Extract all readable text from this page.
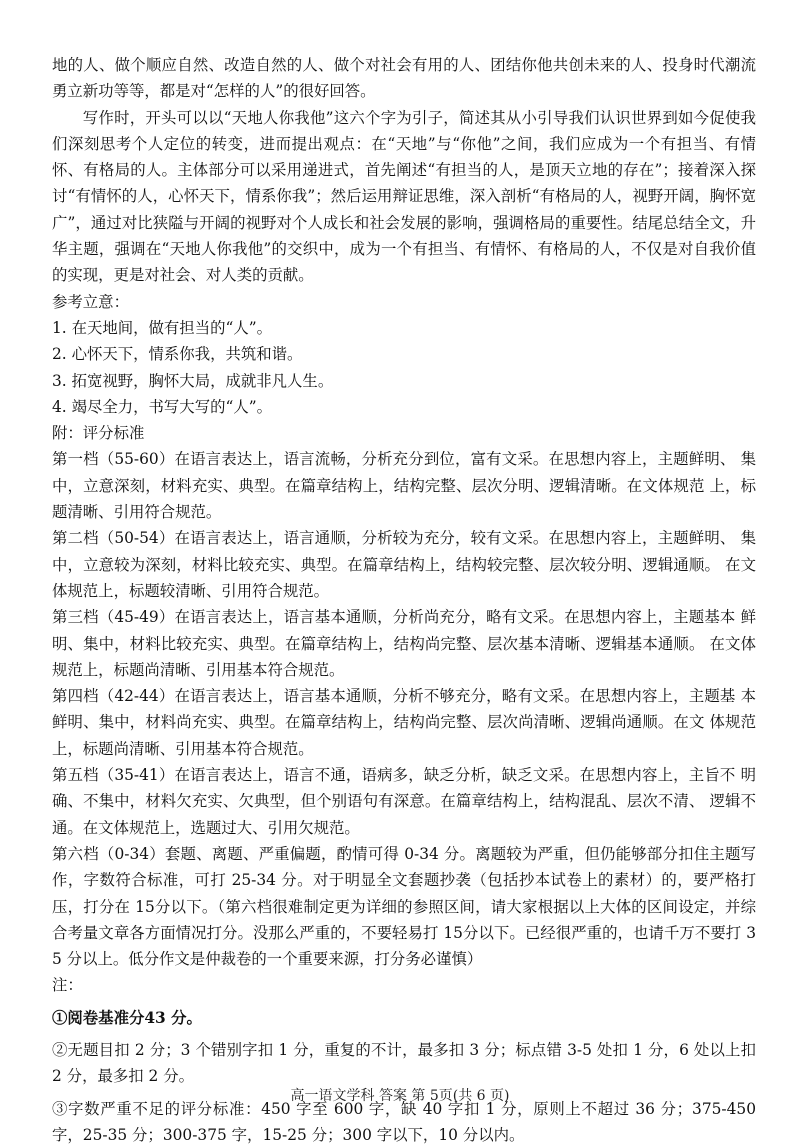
地的人、做个顺应自然、改造自然的人、做个对社会有用的人、团结你他共创未来的人、投身时代潮流勇立新功等等，都是对“怎样的人”的很好回答。

写作时，开头可以以“天地人你我他”这六个字为引子，简述其从小引导我们认识世界到如今促使我们深刻思考个人定位的转变，进而提出观点：在“天地”与“你他”之间，我们应成为一个有担当、有情怀、有格局的人。主体部分可以采用递进式，首先阐述“有担当的人，是顶天立地的存在”；接着深入探讨“有情怀的人，心怀天下，情系你我”；然后运用辩证思维，深入剖析“有格局的人，视野开阔，胸怀宽广”，通过对比狭隘与开阔的视野对个人成长和社会发展的影响，强调格局的重要性。结尾总结全文，升华主题，强调在“天地人你我他”的交织中，成为一个有担当、有情怀、有格局的人，不仅是对自我价值的实现，更是对社会、对人类的贡献。

参考立意：

1. 在天地间，做有担当的“人”。

2. 心怀天下，情系你我，共筑和谐。

3. 拓宽视野，胸怀大局，成就非凡人生。

4. 竭尽全力，书写大写的“人”。

附：评分标准

第一档（55-60）在语言表达上，语言流畅，分析充分到位，富有文采。在思想内容上，主题鲜明、 集中，立意深刻，材料充实、典型。在篇章结构上，结构完整、层次分明、逻辑清晰。在文体规范 上，标题清晰、引用符合规范。

第二档（50-54）在语言表达上，语言通顺，分析较为充分，较有文采。在思想内容上，主题鲜明、 集中，立意较为深刻，材料比较充实、典型。在篇章结构上，结构较完整、层次较分明、逻辑通顺。 在文体规范上，标题较清晰、引用符合规范。

第三档（45-49）在语言表达上，语言基本通顺，分析尚充分，略有文采。在思想内容上，主题基本 鲜明、集中，材料比较充实、典型。在篇章结构上，结构尚完整、层次基本清晰、逻辑基本通顺。 在文体规范上，标题尚清晰、引用基本符合规范。

第四档（42-44）在语言表达上，语言基本通顺，分析不够充分，略有文采。在思想内容上，主题基 本鲜明、集中，材料尚充实、典型。在篇章结构上，结构尚完整、层次尚清晰、逻辑尚通顺。在文 体规范上，标题尚清晰、引用基本符合规范。

第五档（35-41）在语言表达上，语言不通，语病多，缺乏分析，缺乏文采。在思想内容上，主旨不 明确、不集中，材料欠充实、欠典型，但个别语句有深意。在篇章结构上，结构混乱、层次不清、 逻辑不通。在文体规范上，选题过大、引用欠规范。

第六档（0-34）套题、离题、严重偏题，酌情可得 0-34 分。离题较为严重，但仍能够部分扣住主题写作，字数符合标准，可打 25-34 分。对于明显全文套题抄袭（包括抄本试卷上的素材）的，要严格打压，打分在 15分以下。（第六档很难制定更为详细的参照区间，请大家根据以上大体的区间设定，并综合考量文章各方面情况打分。没那么严重的，不要轻易打 15分以下。已经很严重的，也请千万不要打 35 分以上。低分作文是仲裁卷的一个重要来源，打分务必谨慎）

注：

①阅卷基准分43 分。

②无题目扣 2 分；3 个错别字扣 1 分，重复的不计，最多扣 3 分；标点错 3-5 处扣 1 分，6 处以上扣 2 分，最多扣 2 分。

③字数严重不足的评分标准：450 字至 600 字，缺 40 字扣 1 分，原则上不超过 36 分；375-450 字，25-35 分；300-375 字，15-25 分；300 字以下，10 分以内。

高一语文学科 答案 第 5页(共 6 页)
